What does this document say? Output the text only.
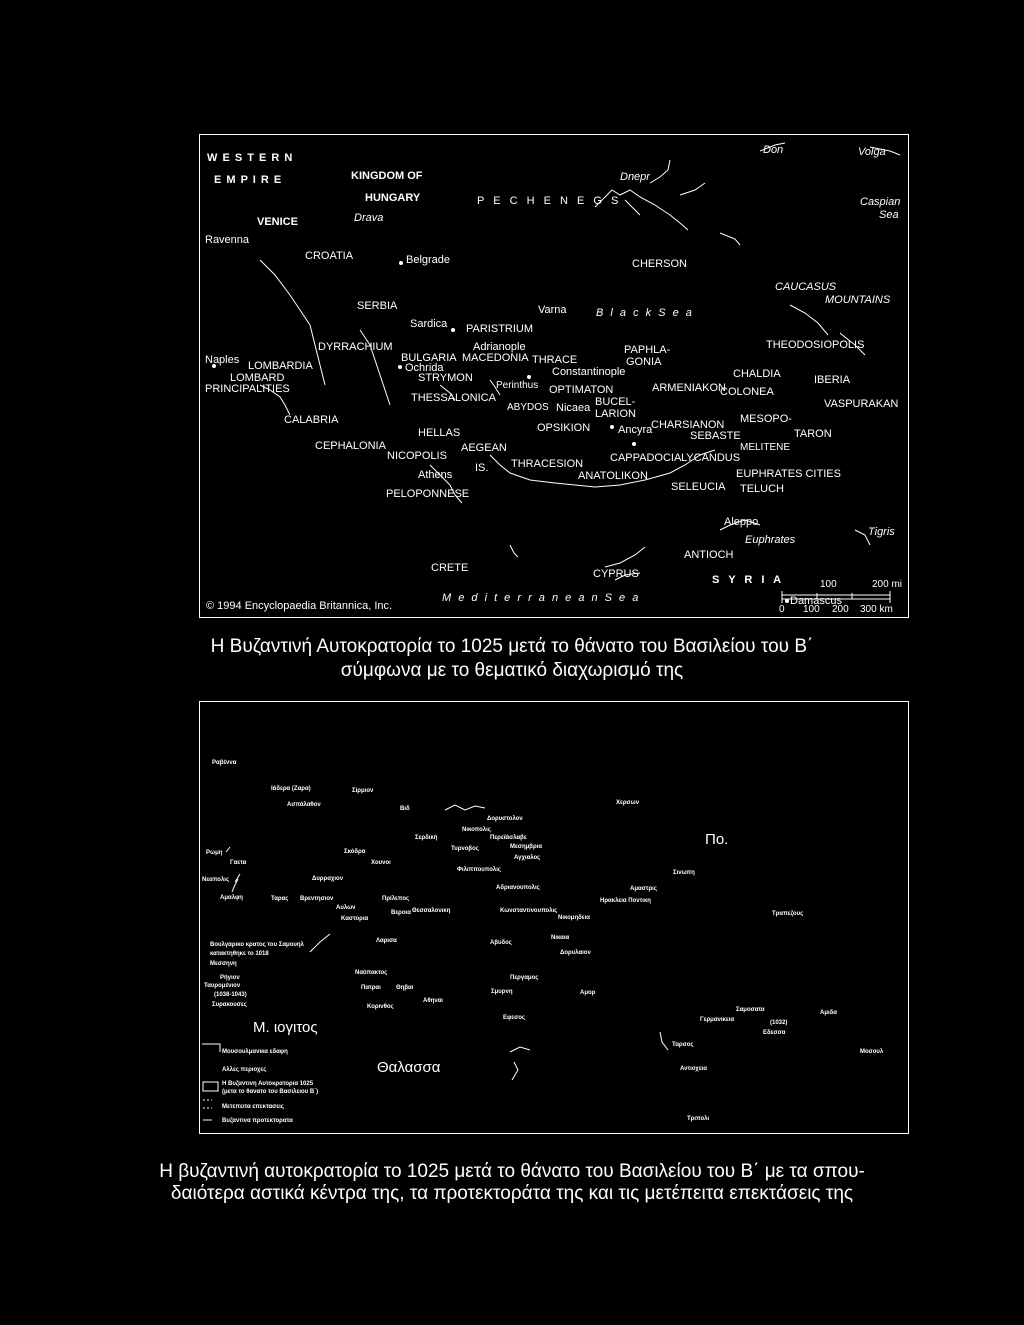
W E S T E R N
E M P I R E	KINGDOM OF
HUNGARY
VENICE	Drava
Ravenna
CROATIA	Belgrade
P E C H E N E G S
Dnepr
Don	Volga
Caspian
Sea
CHERSON
CAUCASUS
MOUNTAINS
SERBIA	Varna	B l a c k S e a
Sardica PARISTRIUM
DYRRACHIUM	Adrianople	PAPHLA-
GONIA
THEODOSIOPOLIS
Naples LOMBARDIA
BULGARIA MACEDONIA THRACE
Constantinople
LOMBARD
PRINCIPALITIES
Ochrida
STRYMON	CHALDIA	IBERIA
Perinthus OPTIMATON	ARMENIAKON
COLONEA
THESSALONICA	BUCEL-
LARION
ABYDOS Nicaea	VASPURAKAN
CALABRIA
HELLAS	OPSIKION	Ancyra
CHARSIANON MESOPO-
TARON
SEBASTE
CEPHALONIA	AEGEAN	MELITENE
NICOPOLIS
IS. THRACESION CAPPADOCIA LYCANDUS
Athens	ANATOLIKON	EUPHRATES CITIES
SELEUCIA TELUCH
PELOPONNESE
Aleppo
Euphrates
Tigris
ANTIOCH
CRETE	CYPRUS	S Y R I A
M e d i t e r r a n e a n S e a	Damascus
© 1994 Encyclopaedia Britannica, Inc.
100	200 mi
0 100 200 300 km
Η Βυζαντινή Αυτοκρατορία το 1025 μετά το θάνατο του Βασιλείου του Β΄
σύμφωνα με το θεματικό διαχωρισμό της
Ραβέννα
Ιάδερα (Ζαρα)	Σίρμιον
Ασπάλαθον
Βιδ
Χερσων
Δορυστολον
Νικοπολις
Περεϊάσλαβε
Σερδική
Μεσημβρια
Τυρνοβος
Αγχιαλος
Φιλιππουπολις
Σκόδρα
Χουνοι
Ρωμη
Γαετα
Νεαπολις	Δυρραχιον
Αμαλφη	Ταρας Βρεντησιον	Πρίλεπος
Αδριανουπολις	Αμαστρις
Ηρακλεια Ποντικη
Σινωπη
Αυλων	Θεσσαλονικη	Κωνσταντινουπολις
Νικομηδεια
Τραπεζους
Βεροια
Καστορια
Λαρισα	Αβυδος
Νικαια
Δορυλαιον
Βουλγαρικο κρατος του Σαμουηλ
κατακτηθηκε το 1018
Μεσσηνη
Ρήγιον
Ταυρομένιον
(1038-1043)
Συρακουσες
Ναύπακτος
Περγαμος
Πατραι	Θηβαι
Σμυρνη	Αμορ
Αθηναι
Κορινθος
Εφεσος
Σαμοσατα	Αμιδα
Γερμανικεια	(1032)
Εδεσσα
Ταρσος
Μοσουλ
Μ. ιογιτος
Θαλασσα	Αντιοχεια
Τριπολι
Πο.
Μουσουλμανικα εδαφη
Αλλες περιοχες
Η Βυζαντινη Αυτοκρατορια 1025
(μετα το θανατο του Βασιλειου Β΄)
Μετεπειτα επεκτασεις
Βυζαντινα προτεκτορατα
Η βυζαντινή αυτοκρατορία το 1025 μετά το θάνατο του Βασιλείου του Β΄ με τα σπου-
δαιότερα αστικά κέντρα της, τα προτεκτοράτα της και τις μετέπειτα επεκτάσεις της
